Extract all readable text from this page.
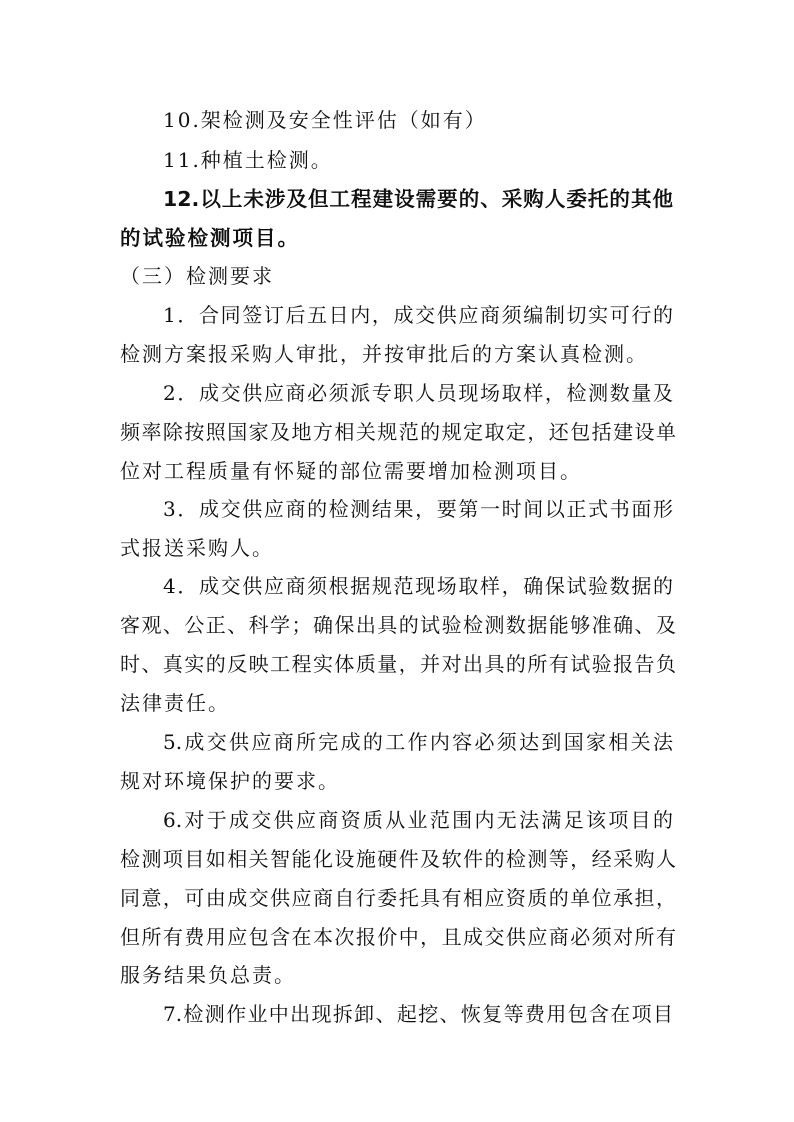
10.架检测及安全性评估（如有）
11.种植土检测。
12.以上未涉及但工程建设需要的、采购人委托的其他
的试验检测项目。
（三）检测要求
1．合同签订后五日内，成交供应商须编制切实可行的
检测方案报采购人审批，并按审批后的方案认真检测。
2．成交供应商必须派专职人员现场取样，检测数量及
频率除按照国家及地方相关规范的规定取定，还包括建设单
位对工程质量有怀疑的部位需要增加检测项目。
3．成交供应商的检测结果，要第一时间以正式书面形
式报送采购人。
4．成交供应商须根据规范现场取样，确保试验数据的
客观、公正、科学；确保出具的试验检测数据能够准确、及
时、真实的反映工程实体质量，并对出具的所有试验报告负
法律责任。
5.成交供应商所完成的工作内容必须达到国家相关法
规对环境保护的要求。
6.对于成交供应商资质从业范围内无法满足该项目的
检测项目如相关智能化设施硬件及软件的检测等，经采购人
同意，可由成交供应商自行委托具有相应资质的单位承担，
但所有费用应包含在本次报价中，且成交供应商必须对所有
服务结果负总责。
7.检测作业中出现拆卸、起挖、恢复等费用包含在项目
